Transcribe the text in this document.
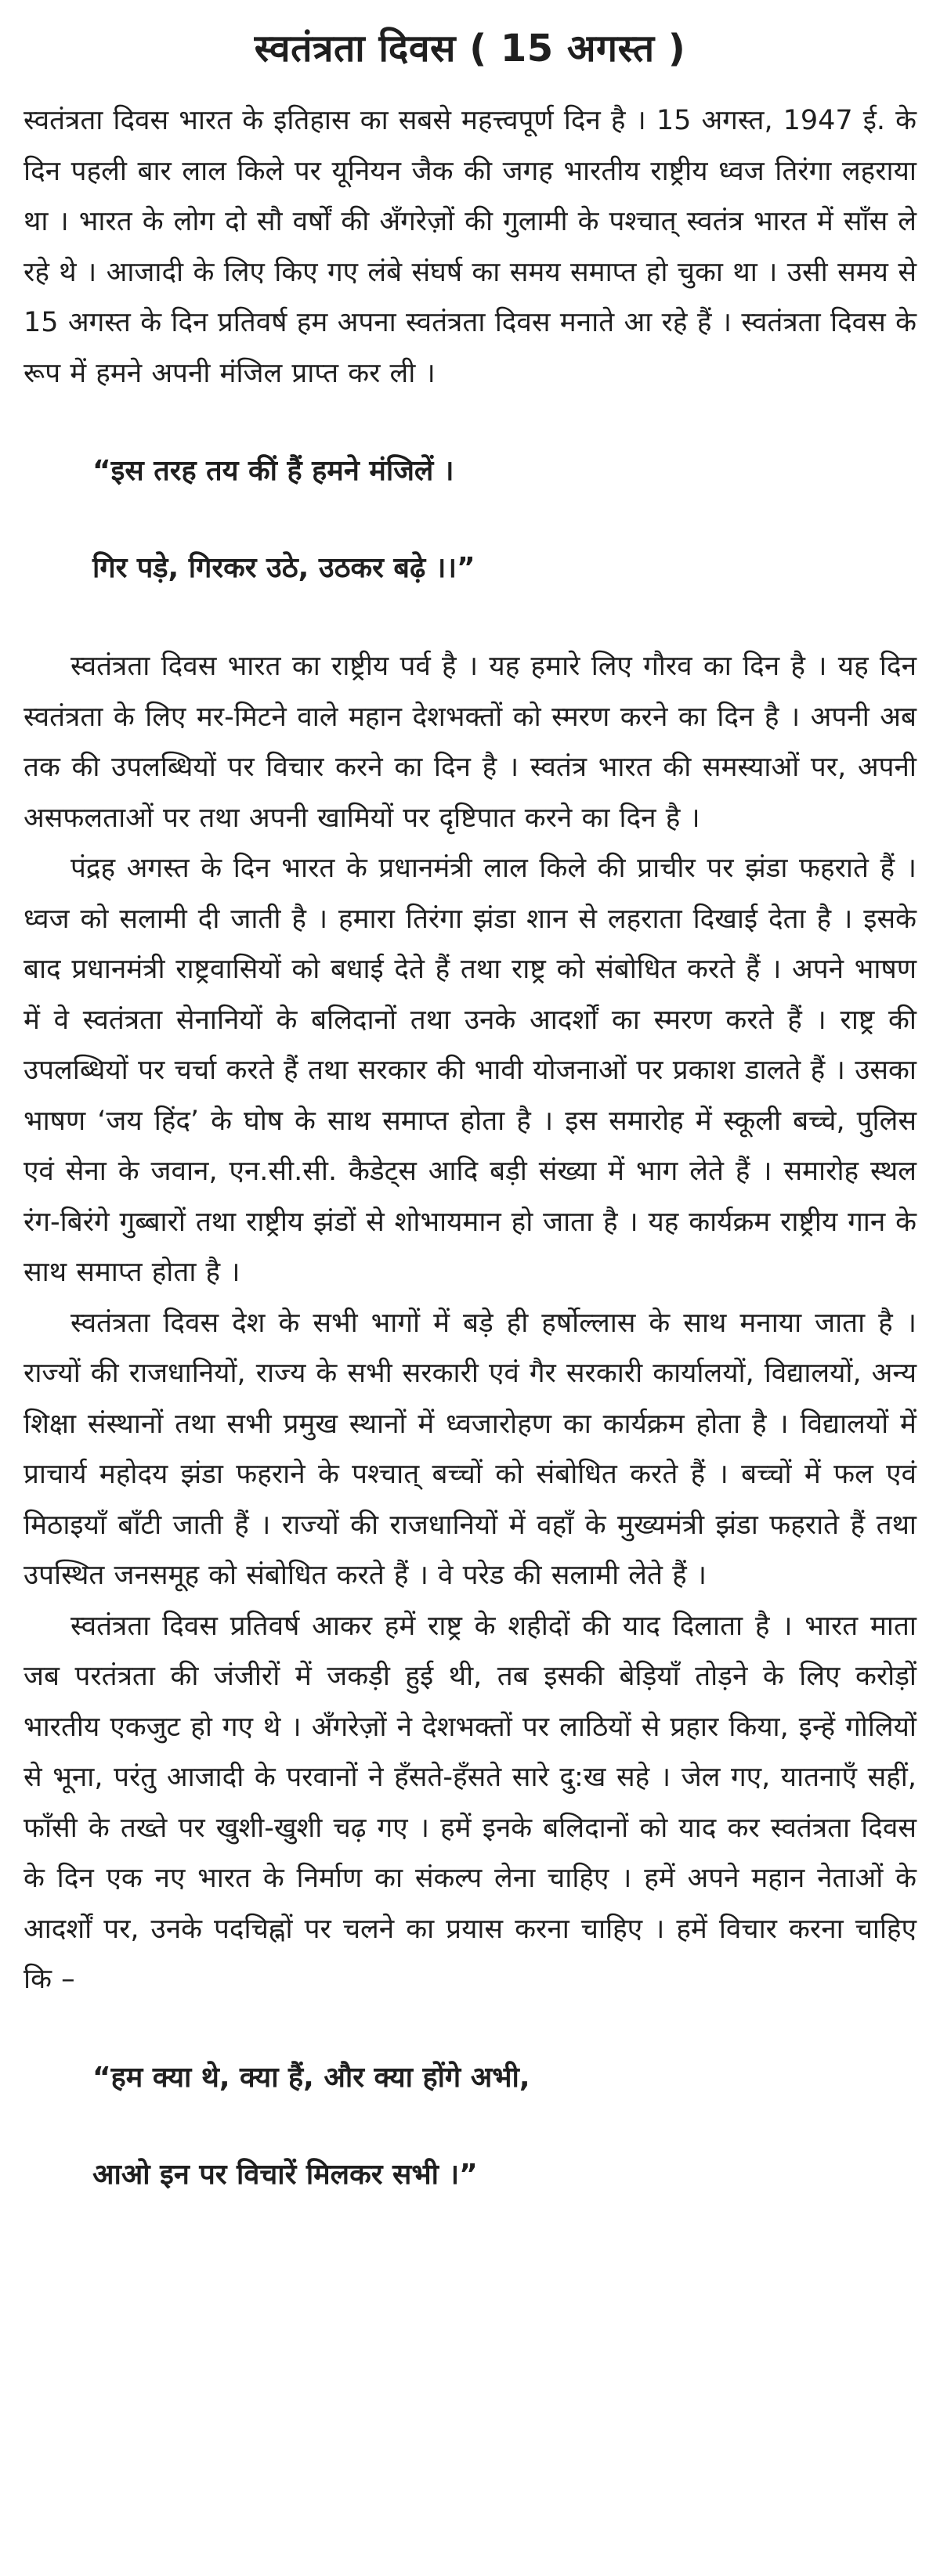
स्वतंत्रता दिवस ( 15 अगस्त )

स्वतंत्रता दिवस भारत के इतिहास का सबसे महत्त्वपूर्ण दिन है । 15 अगस्त, 1947 ई. के दिन पहली बार लाल किले पर यूनियन जैक की जगह भारतीय राष्ट्रीय ध्वज तिरंगा लहराया था । भारत के लोग दो सौ वर्षों की अँगरेज़ों की गुलामी के पश्चात् स्वतंत्र भारत में साँस ले रहे थे । आजादी के लिए किए गए लंबे संघर्ष का समय समाप्त हो चुका था । उसी समय से 15 अगस्त के दिन प्रतिवर्ष हम अपना स्वतंत्रता दिवस मनाते आ रहे हैं । स्वतंत्रता दिवस के रूप में हमने अपनी मंजिल प्राप्त कर ली ।

“इस तरह तय कीं हैं हमने मंजिलें ।

गिर पड़े, गिरकर उठे, उठकर बढ़े ।।”

स्वतंत्रता दिवस भारत का राष्ट्रीय पर्व है । यह हमारे लिए गौरव का दिन है । यह दिन स्वतंत्रता के लिए मर-मिटने वाले महान देशभक्तों को स्मरण करने का दिन है । अपनी अब तक की उपलब्धियों पर विचार करने का दिन है । स्वतंत्र भारत की समस्याओं पर, अपनी असफलताओं पर तथा अपनी खामियों पर दृष्टिपात करने का दिन है ।

पंद्रह अगस्त के दिन भारत के प्रधानमंत्री लाल किले की प्राचीर पर झंडा फहराते हैं । ध्वज को सलामी दी जाती है । हमारा तिरंगा झंडा शान से लहराता दिखाई देता है । इसके बाद प्रधानमंत्री राष्ट्रवासियों को बधाई देते हैं तथा राष्ट्र को संबोधित करते हैं । अपने भाषण में वे स्वतंत्रता सेनानियों के बलिदानों तथा उनके आदर्शों का स्मरण करते हैं । राष्ट्र की उपलब्धियों पर चर्चा करते हैं तथा सरकार की भावी योजनाओं पर प्रकाश डालते हैं । उसका भाषण ‘जय हिंद’ के घोष के साथ समाप्त होता है । इस समारोह में स्कूली बच्चे, पुलिस एवं सेना के जवान, एन.सी.सी. कैडेट्स आदि बड़ी संख्या में भाग लेते हैं । समारोह स्थल रंग-बिरंगे गुब्बारों तथा राष्ट्रीय झंडों से शोभायमान हो जाता है । यह कार्यक्रम राष्ट्रीय गान के साथ समाप्त होता है ।

स्वतंत्रता दिवस देश के सभी भागों में बड़े ही हर्षोल्लास के साथ मनाया जाता है । राज्यों की राजधानियों, राज्य के सभी सरकारी एवं गैर सरकारी कार्यालयों, विद्यालयों, अन्य शिक्षा संस्थानों तथा सभी प्रमुख स्थानों में ध्वजारोहण का कार्यक्रम होता है । विद्यालयों में प्राचार्य महोदय झंडा फहराने के पश्चात् बच्चों को संबोधित करते हैं । बच्चों में फल एवं मिठाइयाँ बाँटी जाती हैं । राज्यों की राजधानियों में वहाँ के मुख्यमंत्री झंडा फहराते हैं तथा उपस्थित जनसमूह को संबोधित करते हैं । वे परेड की सलामी लेते हैं ।

स्वतंत्रता दिवस प्रतिवर्ष आकर हमें राष्ट्र के शहीदों की याद दिलाता है । भारत माता जब परतंत्रता की जंजीरों में जकड़ी हुई थी, तब इसकी बेड़ियाँ तोड़ने के लिए करोड़ों भारतीय एकजुट हो गए थे । अँगरेज़ों ने देशभक्तों पर लाठियों से प्रहार किया, इन्हें गोलियों से भूना, परंतु आजादी के परवानों ने हँसते-हँसते सारे दु:ख सहे । जेल गए, यातनाएँ सहीं, फाँसी के तख्ते पर खुशी-खुशी चढ़ गए । हमें इनके बलिदानों को याद कर स्वतंत्रता दिवस के दिन एक नए भारत के निर्माण का संकल्प लेना चाहिए । हमें अपने महान नेताओं के आदर्शों पर, उनके पदचिह्नों पर चलने का प्रयास करना चाहिए । हमें विचार करना चाहिए कि –

“हम क्या थे, क्या हैं, और क्या होंगे अभी,

आओ इन पर विचारें मिलकर सभी ।”
